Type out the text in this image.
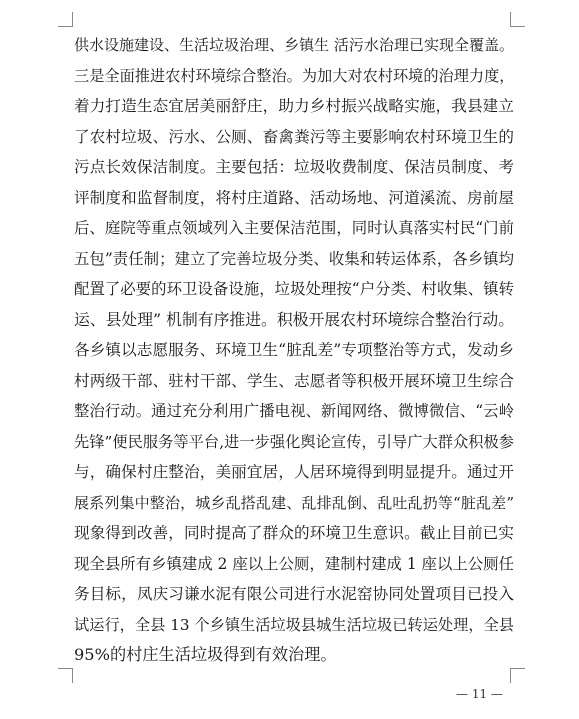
供水设施建设、生活垃圾治理、乡镇生 活污水治理已实现全覆盖。
三是全面推进农村环境综合整治。为加大对农村环境的治理力度，
着力打造生态宜居美丽舒庄，助力乡村振兴战略实施，我县建立
了农村垃圾、污水、公厕、畜禽粪污等主要影响农村环境卫生的
污点长效保洁制度。主要包括：垃圾收费制度、保洁员制度、考
评制度和监督制度，将村庄道路、活动场地、河道溪流、房前屋
后、庭院等重点领域列入主要保洁范围，同时认真落实村民“门前
五包”责任制；建立了完善垃圾分类、收集和转运体系，各乡镇均
配置了必要的环卫设备设施，垃圾处理按“户分类、村收集、镇转
运、县处理” 机制有序推进。积极开展农村环境综合整治行动。
各乡镇以志愿服务、环境卫生“脏乱差”专项整治等方式，发动乡
村两级干部、驻村干部、学生、志愿者等积极开展环境卫生综合
整治行动。通过充分利用广播电视、新闻网络、微博微信、“云岭
先锋”便民服务等平台,进一步强化舆论宣传，引导广大群众积极参
与，确保村庄整治，美丽宜居，人居环境得到明显提升。通过开
展系列集中整治，城乡乱搭乱建、乱排乱倒、乱吐乱扔等“脏乱差”
现象得到改善，同时提高了群众的环境卫生意识。截止目前已实
现全县所有乡镇建成 2 座以上公厕，建制村建成 1 座以上公厕任
务目标，凤庆习谦水泥有限公司进行水泥窑协同处置项目已投入
试运行，全县 13 个乡镇生活垃圾县城生活垃圾已转运处理，全县
95%的村庄生活垃圾得到有效治理。
— 11 —
